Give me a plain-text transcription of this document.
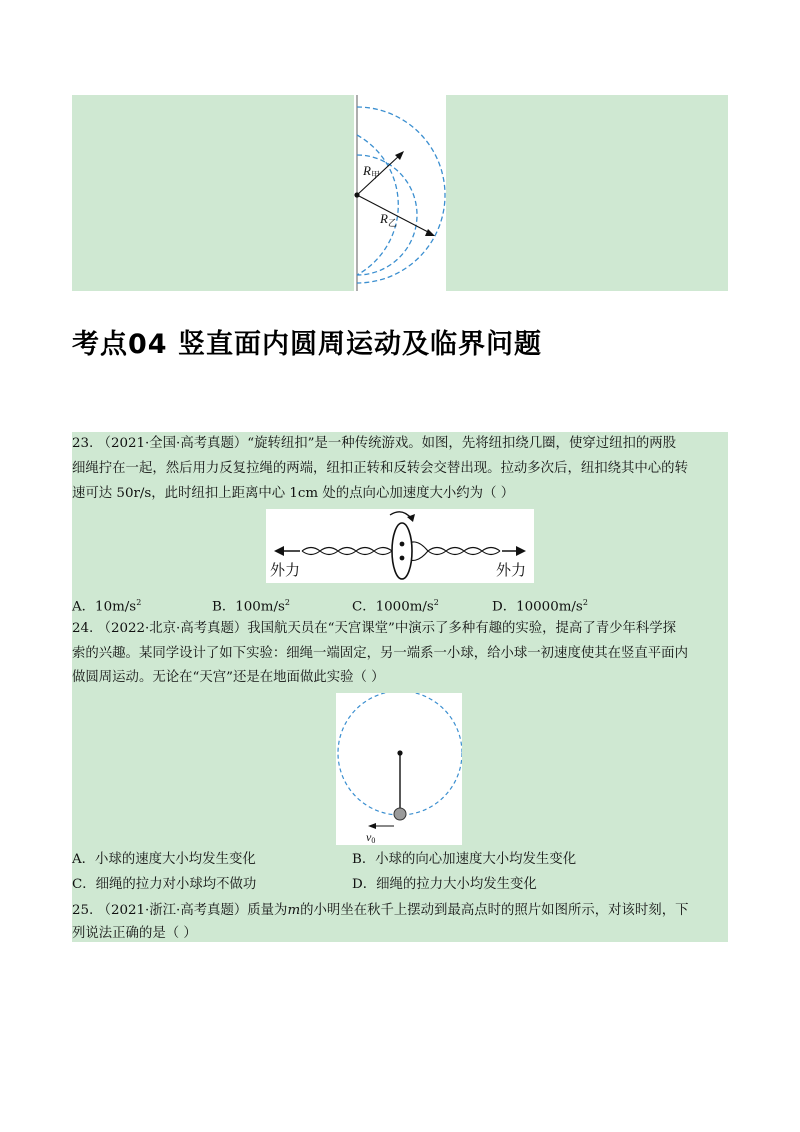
$R_甲$
$R_乙$
考点04 竖直面内圆周运动及临界问题
23. （2021·全国·高考真题）“旋转纽扣”是一种传统游戏。如图，先将纽扣绕几圈，使穿过纽扣的两股
细绳拧在一起，然后用力反复拉绳的两端，纽扣正转和反转会交替出现。拉动多次后，纽扣绕其中心的转
速可达 50r/s，此时纽扣上距离中心 1cm 处的点向心加速度大小约为（ ）
外力	外力
A．$10m/s^2$	B．$100m/s^2$	C．$1000m/s^2$	D．$10000m/s^2$
24. （2022·北京·高考真题）我国航天员在“天宫课堂”中演示了多种有趣的实验，提高了青少年科学探
索的兴趣。某同学设计了如下实验：细绳一端固定，另一端系一小球，给小球一初速度使其在竖直平面内
做圆周运动。无论在“天宫”还是在地面做此实验（ ）
v0
A．小球的速度大小均发生变化	B．小球的向心加速度大小均发生变化
C．细绳的拉力对小球均不做功	D．细绳的拉力大小均发生变化
25. （2021·浙江·高考真题）质量为m的小明坐在秋千上摆动到最高点时的照片如图所示，对该时刻，下
列说法正确的是（ ）
